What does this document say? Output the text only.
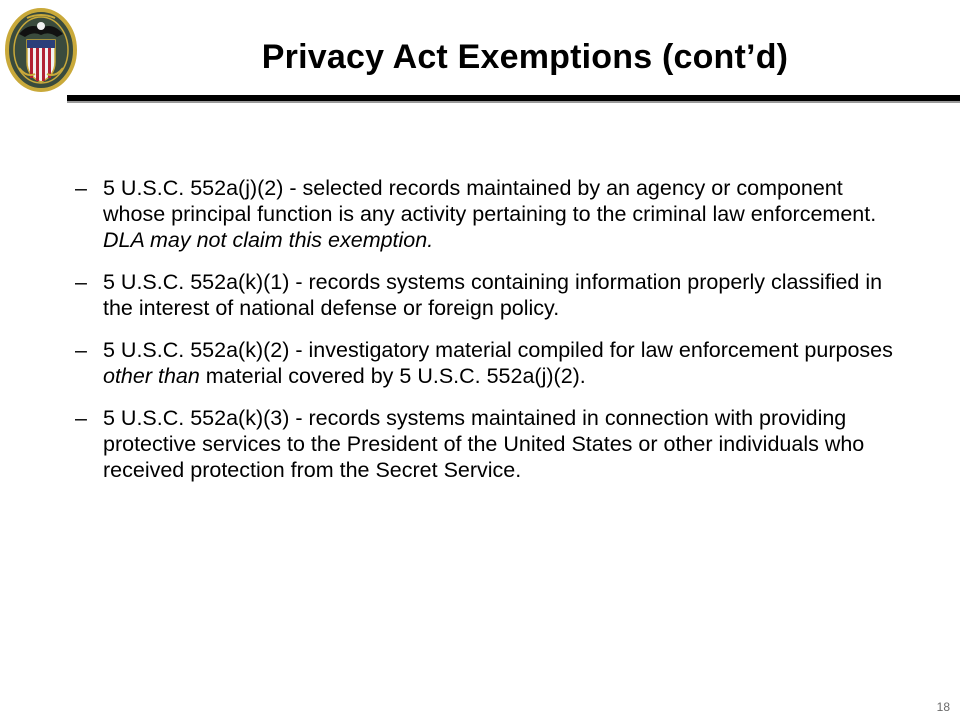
Privacy Act Exemptions (cont’d)
– 5 U.S.C. 552a(j)(2) - selected records maintained by an agency or component whose principal function is any activity pertaining to the criminal law enforcement. DLA may not claim this exemption.
– 5 U.S.C. 552a(k)(1) - records systems containing information properly classified in the interest of national defense or foreign policy.
– 5 U.S.C. 552a(k)(2) - investigatory material compiled for law enforcement purposes other than material covered by 5 U.S.C. 552a(j)(2).
– 5 U.S.C. 552a(k)(3) - records systems maintained in connection with providing protective services to the President of the United States or other individuals who received protection from the Secret Service.
18
